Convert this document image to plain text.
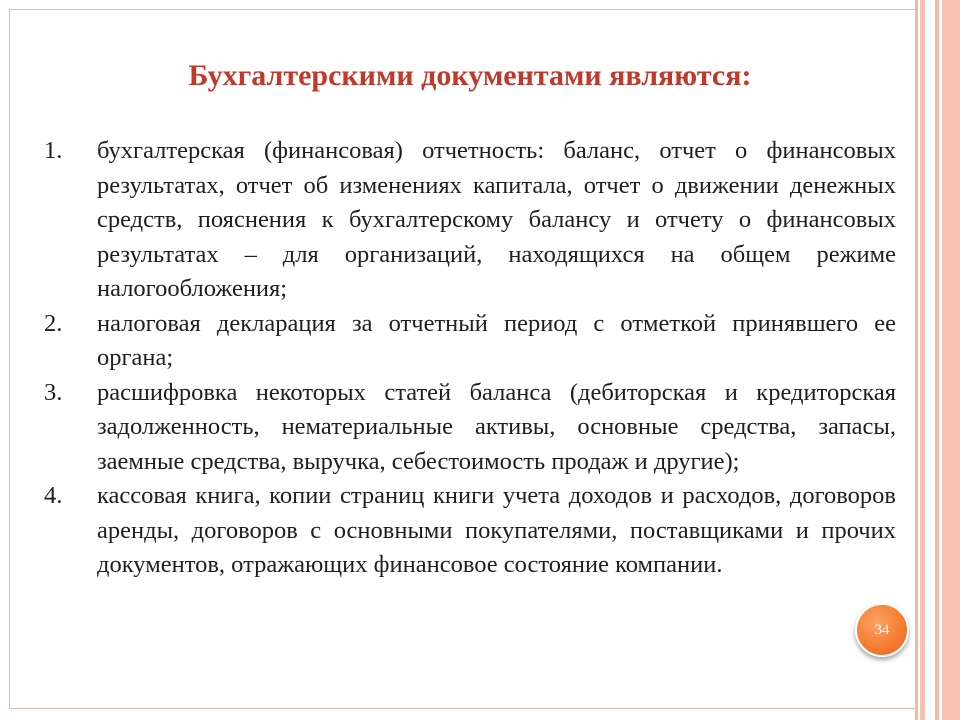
Бухгалтерскими документами являются:
1. бухгалтерская (финансовая) отчетность: баланс, отчет о финансовых результатах, отчет об изменениях капитала, отчет о движении денежных средств, пояснения к бухгалтерскому балансу и отчету о финансовых результатах – для организаций, находящихся на общем режиме налогообложения;
2. налоговая декларация за отчетный период с отметкой принявшего ее органа;
3. расшифровка некоторых статей баланса (дебиторская и кредиторская задолженность, нематериальные активы, основные средства, запасы, заемные средства, выручка, себестоимость продаж и другие);
4. кассовая книга, копии страниц книги учета доходов и расходов, договоров аренды, договоров с основными покупателями, поставщиками и прочих документов, отражающих финансовое состояние компании.
34
